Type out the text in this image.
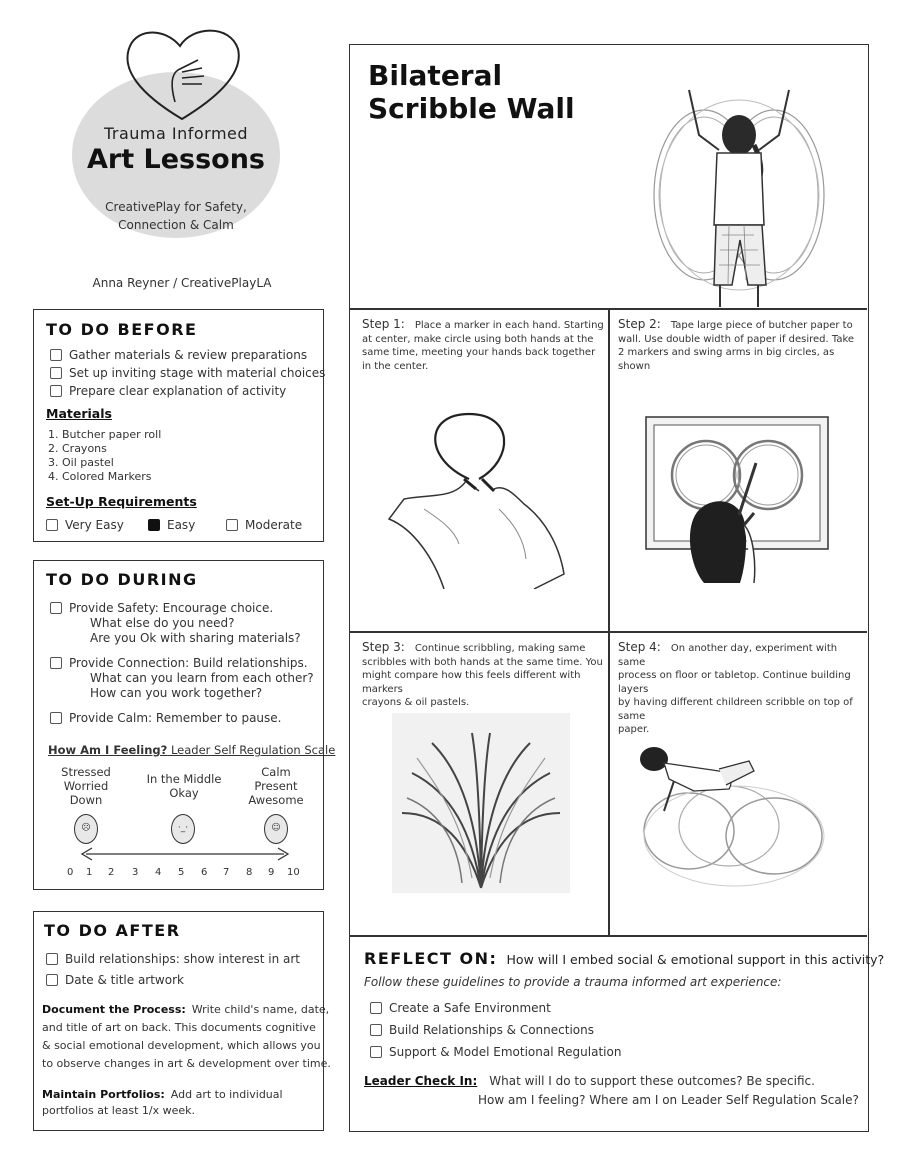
Trauma Informed
Art Lessons
CreativePlay for Safety,
Connection & Calm
Anna Reyner / CreativePlayLA
TO DO BEFORE
Gather materials & review preparations
Set up inviting stage with material choices
Prepare clear explanation of activity
Materials
1. Butcher paper roll
2. Crayons
3. Oil pastel
4. Colored Markers
Set-Up Requirements
Very Easy	Easy	Moderate
TO DO DURING
Provide Safety: Encourage choice.
What else do you need?
Are you Ok with sharing materials?
Provide Connection: Build relationships.
What can you learn from each other?
How can you work together?
Provide Calm: Remember to pause.
How Am I Feeling? Leader Self Regulation Scale
Stressed
Worried
Down
In the Middle
Okay
Calm
Present
Awesome
☹	·_·	☺
0 1 2 3 4 5 6 7 8 9 10
TO DO AFTER
Build relationships: show interest in art
Date & title artwork
Document the Process: Write child's name, date,
and title of art on back. This documents cognitive
& social emotional development, which allows you
to observe changes in art & development over time.
Maintain Portfolios: Add art to individual
portfolios at least 1/x week.
Bilateral
Scribble Wall
Step 1: Place a marker in each hand. Starting
at center, make circle using both hands at the
same time, meeting your hands back together
in the center.
Step 2: Tape large piece of butcher paper to
wall. Use double width of paper if desired. Take
2 markers and swing arms in big circles, as shown
Step 3: Continue scribbling, making same
scribbles with both hands at the same time. You
might compare how this feels different with markers
crayons & oil pastels.
Step 4: On another day, experiment with same
process on floor or tabletop. Continue building layers
by having different childreen scribble on top of same
paper.
REFLECT ON: How will I embed social & emotional support in this activity?
Follow these guidelines to provide a trauma informed art experience:
Create a Safe Environment
Build Relationships & Connections
Support & Model Emotional Regulation
Leader Check In: What will I do to support these outcomes? Be specific.
How am I feeling? Where am I on Leader Self Regulation Scale?
